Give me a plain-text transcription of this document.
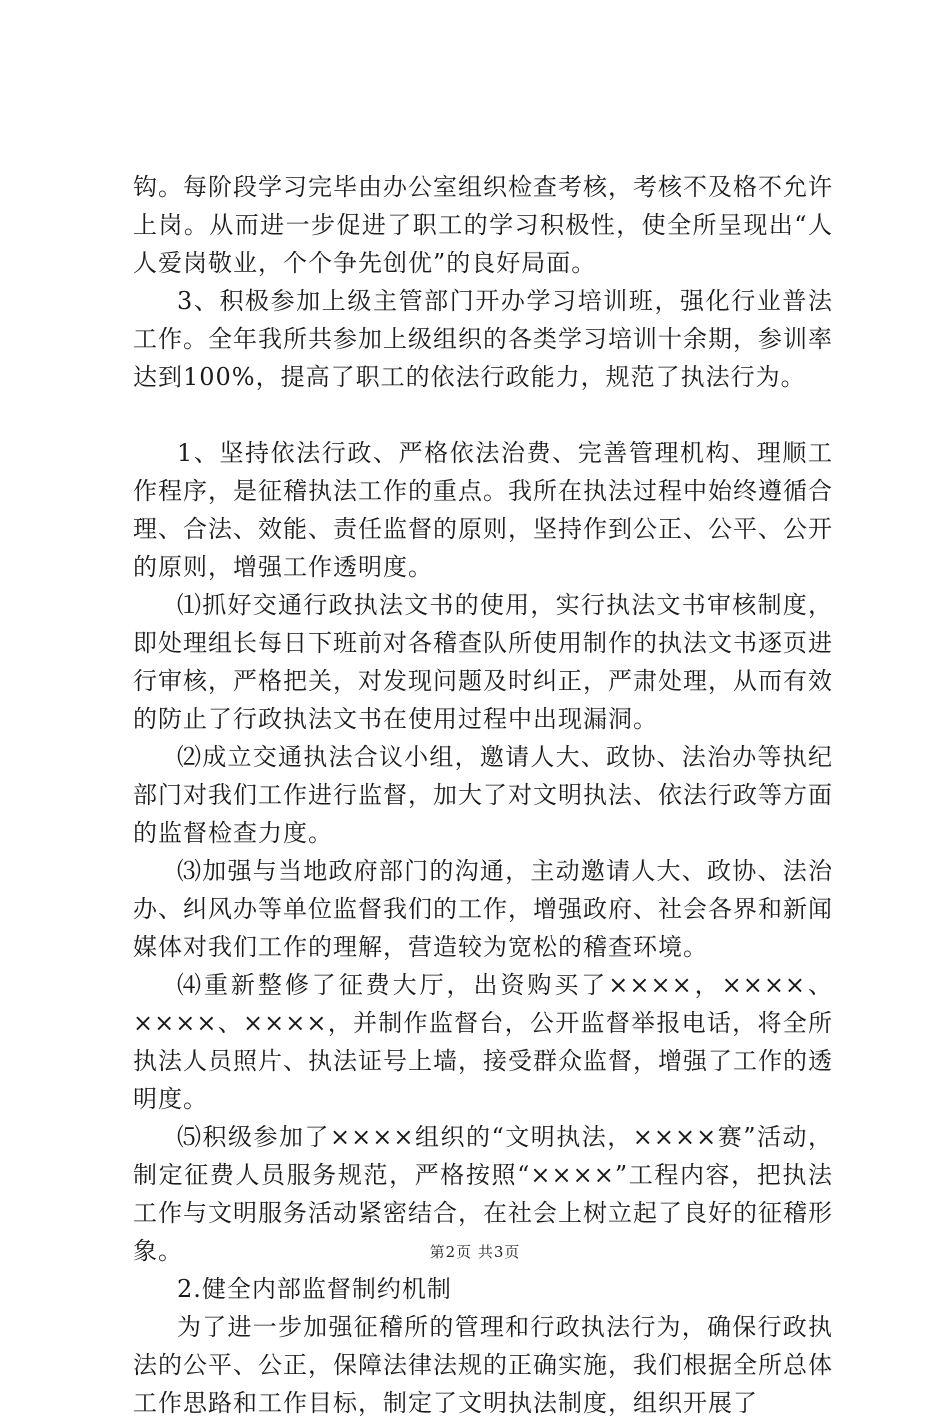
钩。每阶段学习完毕由办公室组织检查考核，考核不及格不允许上岗。从而进一步促进了职工的学习积极性，使全所呈现出“人人爱岗敬业，个个争先创优”的良好局面。

3、积极参加上级主管部门开办学习培训班，强化行业普法工作。全年我所共参加上级组织的各类学习培训十余期，参训率达到100%，提高了职工的依法行政能力，规范了执法行为。

1、坚持依法行政、严格依法治费、完善管理机构、理顺工作程序，是征稽执法工作的重点。我所在执法过程中始终遵循合理、合法、效能、责任监督的原则，坚持作到公正、公平、公开的原则，增强工作透明度。

⑴抓好交通行政执法文书的使用，实行执法文书审核制度，即处理组长每日下班前对各稽查队所使用制作的执法文书逐页进行审核，严格把关，对发现问题及时纠正，严肃处理，从而有效的防止了行政执法文书在使用过程中出现漏洞。

⑵成立交通执法合议小组，邀请人大、政协、法治办等执纪部门对我们工作进行监督，加大了对文明执法、依法行政等方面的监督检查力度。

⑶加强与当地政府部门的沟通，主动邀请人大、政协、法治办、纠风办等单位监督我们的工作，增强政府、社会各界和新闻媒体对我们工作的理解，营造较为宽松的稽查环境。

⑷重新整修了征费大厅，出资购买了××××，××××、××××、××××，并制作监督台，公开监督举报电话，将全所执法人员照片、执法证号上墙，接受群众监督，增强了工作的透明度。

⑸积级参加了××××组织的“文明执法，××××赛”活动，制定征费人员服务规范，严格按照“××××”工程内容，把执法工作与文明服务活动紧密结合，在社会上树立起了良好的征稽形象。

2.健全内部监督制约机制

为了进一步加强征稽所的管理和行政执法行为，确保行政执法的公平、公正，保障法律法规的正确实施，我们根据全所总体工作思路和工作目标，制定了文明执法制度，组织开展了

第2页 共3页
